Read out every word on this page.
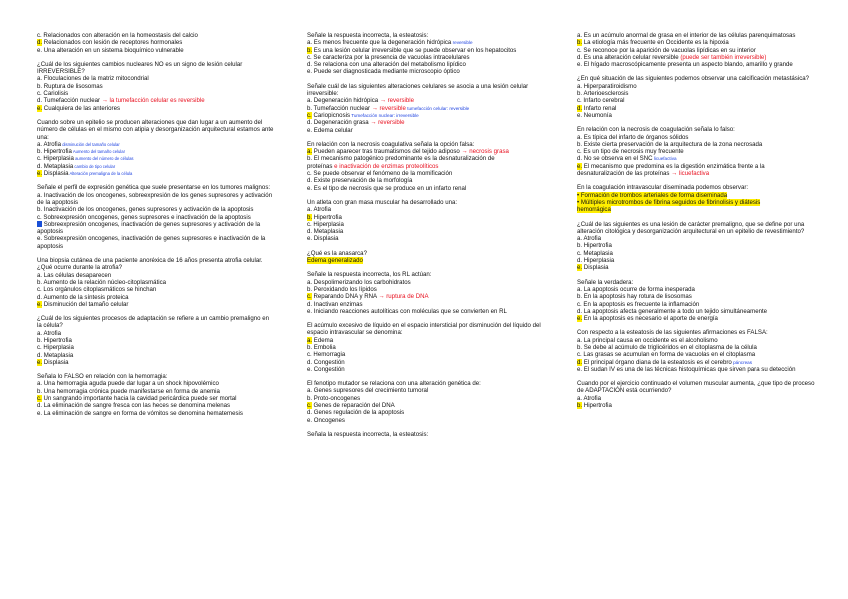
c. Relacionados con alteración en la homeostasis del calcio
d. Relacionados con lesión de receptores hormonales
e. Una alteración en un sistema bioquímico vulnerable
¿Cuál de los siguientes cambios nucleares NO es un signo de lesión celular IRREVERSIBLE?
a. Floculaciones de la matriz mitocondrial
b. Ruptura de lisosomas
c. Cariolisis
d. Tumefacción nuclear → la tumefacción celular es reversible
e. Cualquiera de las anteriores
Cuando sobre un epitelio se producen alteraciones que dan lugar a un aumento del número de células en el mismo con atipia y desorganización arquitectural estamos ante una:
a. Atrofia disminución del tamaño celular
b. Hipertrofia Aumento del tamaño celular
c. Hiperplasia aumento del número de células
d. Metaplasia cambio de tipo celular
e. Displasia Alteración premaligna de la célula
Señale el perfil de expresión genética que suele presentarse en los tumores malignos:
a. Inactivación de los oncogenes, sobreexpresión de los genes supresores y activación de la apoptosis
b. Inactivación de los oncogenes, genes supresores y activación de la apoptosis
c. Sobreexpresión oncogenes, genes supresores e inactivación de la apoptosis
Sobreexpresión oncogenes, inactivación de genes supresores y activación de la apoptosis
e. Sobreexpresión oncogenes, inactivación de genes supresores e inactivación de la apoptosis
Una biopsia cutánea de una paciente anoréxica de 16 años presenta atrofia celular. ¿Qué ocurre durante la atrofia?
a. Las células desaparecen
b. Aumento de la relación núcleo-citoplasmática
c. Los orgánulos citoplasmáticos se hinchan
d. Aumento de la síntesis proteica
e. Disminución del tamaño celular
¿Cuál de los siguientes procesos de adaptación se refiere a un cambio premaligno en la célula?
a. Atrofia
b. Hipertrofia
c. Hiperplasia
d. Metaplasia
e. Displasia
Señala lo FALSO en relación con la hemorragia:
a. Una hemorragia aguda puede dar lugar a un shock hipovolémico
b. Una hemorragia crónica puede manifestarse en forma de anemia
c. Un sangrando importante hacia la cavidad pericárdica puede ser mortal
d. La eliminación de sangre fresca con las heces se denomina melenas
e. La eliminación de sangre en forma de vómitos se denomina hematemesis
Señale la respuesta incorrecta, la esteatosis:
a. Es menos frecuente que la degeneración hidrópica reversible
b. Es una lesión celular irreversible que se puede observar en los hepatocitos
c. Se caracteriza por la presencia de vacuolas intracelulares
d. Se relaciona con una alteración del metabolismo lipídico
e. Puede ser diagnosticada mediante microscopio óptico
Señale cuál de las siguientes alteraciones celulares se asocia a una lesión celular irreversible:
a. Degeneración hidrópica → reversible
b. Tumefacción nuclear → reversible tumefacción celular: reversible
c. Cariopicnosis Tumefacción nuclear: irreversible
d. Degeneración grasa → reversible
e. Edema celular
En relación con la necrosis coagulativa señala la opción falsa:
a. Pueden aparecer tras traumatismos del tejido adiposo → necrosis grasa
b. El mecanismo patogénico predominante es la desnaturalización de
proteínas e inactivación de enzimas proteolíticos
c. Se puede observar el fenómeno de la momificación
d. Existe preservación de la morfología
e. Es el tipo de necrosis que se produce en un infarto renal
Un atleta con gran masa muscular ha desarrollado una:
a. Atrofia
b. Hipertrofia
c. Hiperplasia
d. Metaplasia
e. Displasia
¿Qué es la anasarca?
Edema generalizado
Señale la respuesta incorrecta, los RL actúan:
a. Despolimerizando los carbohidratos
b. Peroxidando los lípidos
c. Reparando DNA y RNA → ruptura de DNA
d. Inactivan enzimas
e. Iniciando reacciones autolíticas con moléculas que se convierten en RL
El acúmulo excesivo de líquido en el espacio intersticial por disminución del líquido del espacio intravascular se denomina:
a. Edema
b. Embolia
c. Hemorragia
d. Congestión
e. Congestión
El fenotipo mutador se relaciona con una alteración genética de:
a. Genes supresores del crecimiento tumoral
b. Proto-oncogenes
c. Genes de reparación del DNA
d. Genes regulación de la apoptosis
e. Oncogenes
Señala la respuesta incorrecta, la esteatosis:
a. Es un acúmulo anormal de grasa en el interior de las células parenquimatosas
b. La etiología más frecuente en Occidente es la hipoxia
c. Se reconoce por la aparición de vacuolas lipídicas en su interior
d. Es una alteración celular reversible (puede ser también irreversible)
e. El hígado macroscópicamente presenta un aspecto blando, amarillo y grande
¿En qué situación de las siguientes podemos observar una calcificación metastásica?
a. Hiperparatiroidismo
b. Arterioesclerosis
c. Infarto cerebral
d. Infarto renal
e. Neumonía
En relación con la necrosis de coagulación señala lo falso:
a. Es típica del infarto de órganos sólidos
b. Existe cierta preservación de la arquitectura de la zona necrosada
c. Es un tipo de necrosis muy frecuente
d. No se observa en el SNC licuefactiva
e. El mecanismo que predomina es la digestión enzimática frente a la
desnaturalización de las proteínas → licuefactiva
En la coagulación intravascular diseminada podemos observar:
• Formación de trombos arteriales de forma diseminada
• Múltiples microtrombos de fibrina seguidos de fibrinolisis y diátesis
hemorrágica
¿Cuál de las siguientes es una lesión de carácter premaligno, que se define por una alteración citológica y desorganización arquitectural en un epitelio de revestimiento?
a. Atrofia
b. Hipertrofia
c. Metaplasia
d. Hiperplasia
e. Displasia
Señale la verdadera:
a. La apoptosis ocurre de forma inesperada
b. En la apoptosis hay rotura de lisosomas
c. En la apoptosis es frecuente la inflamación
d. La apoptosis afecta generalmente a todo un tejido simultáneamente
e. En la apoptosis es necesario el aporte de energía
Con respecto a la esteatosis de las siguientes afirmaciones es FALSA:
a. La principal causa en occidente es el alcoholismo
b. Se debe al acúmulo de triglicéridos en el citoplasma de la célula
c. Las grasas se acumulan en forma de vacuolas en el citoplasma
d. El principal órgano diana de la esteatosis es el cerebro páncreas
e. El sudan IV es una de las técnicas histoquímicas que sirven para su detección
Cuando por el ejercicio continuado el volumen muscular aumenta, ¿que tipo de proceso de ADAPTACIÓN está ocurriendo?
a. Atrofia
b. Hipertrofia
